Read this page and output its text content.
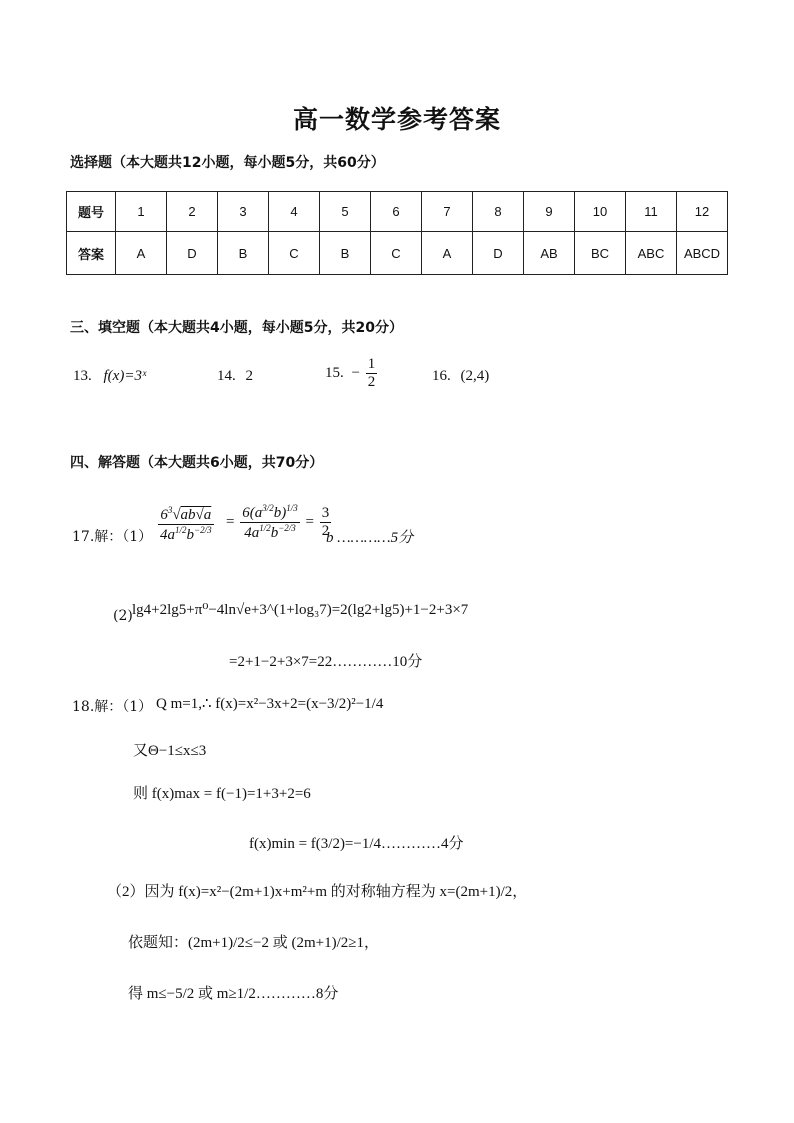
高一数学参考答案
选择题（本大题共12小题，每小题5分，共60分）
题号	1	2	3	4	5	6	7	8	9	10	11	12
答案	A	D	B	C	B	C	A	D	AB	BC	ABC	ABCD
三、填空题（本大题共4小题，每小题5分，共20分）
13. f(x)=3ˣ	14. 2	15. − $\frac{1}{2}$	16. (2,4)
四、解答题（本大题共6小题，共70分）
17.解：$(1) \frac{6^3√ab√a}{4a^{1/2}b^{-2/3}} = \frac{6(a^{3/2}b)^{1/3}}{4a^{1/2}b^{-2/3}} = \frac{3}{2}$
b …………5分
(2) lg4+2lg5+π⁰−4ln√e+3^(1+log₃7)=2(lg2+lg5)+1−2+3×7
=2+1−2+3×7=22…………10分
18.解：（1） Q m=1,∴ f(x)=x²−3x+2=(x−3/2)²−1/4
又Θ−1≤x≤3
则 f(x)max = f(−1)=1+3+2=6
f(x)min = f(3/2)=−1/4…………4分
（2）因为 f(x)=x²−(2m+1)x+m²+m 的对称轴方程为 x=(2m+1)/2，
依题知：(2m+1)/2≤−2 或 (2m+1)/2≥1，
得 m≤−5/2 或 m≥1/2…………8分
